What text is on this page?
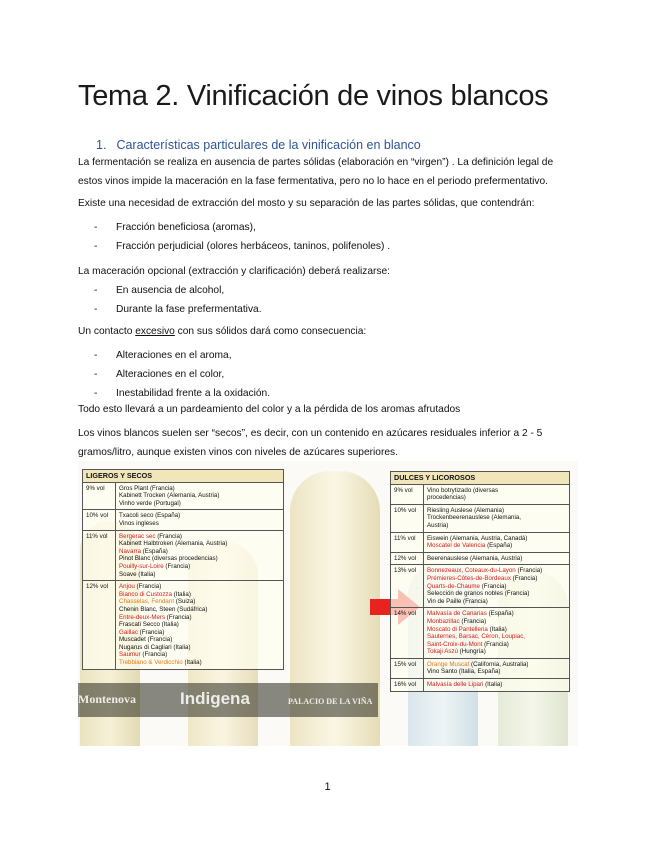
Tema 2. Vinificación de vinos blancos
1. Características particulares de la vinificación en blanco
La fermentación se realiza en ausencia de partes sólidas (elaboración en “virgen”) . La definición legal de
estos vinos impide la maceración en la fase fermentativa, pero no lo hace en el periodo prefermentativo.
Existe una necesidad de extracción del mosto y su separación de las partes sólidas, que contendrán:
- Fracción beneficiosa (aromas),
- Fracción perjudicial (olores herbáceos, taninos, polifenoles) .
La maceración opcional (extracción y clarificación) deberá realizarse:
- En ausencia de alcohol,
- Durante la fase prefermentativa.
Un contacto excesivo con sus sólidos dará como consecuencia:
- Alteraciones en el aroma,
- Alteraciones en el color,
- Inestabilidad frente a la oxidación.
Todo esto llevará a un pardeamiento del color y a la pérdida de los aromas afrutados
Los vinos blancos suelen ser “secos”, es decir, con un contenido en azúcares residuales inferior a 2 - 5
gramos/litro, aunque existen vinos con niveles de azúcares superiores.
Montenova	Indigena	PALACIO DE LA VIÑA
LIGEROS Y SECOS
9% vol	Gros Plant (Francia)
Kabinett Trocken (Alemania, Austria)
Vinho verde (Portugal)
10% vol	Txacoli seco (España)
Vinos ingleses
11% vol	Bergerac sec (Francia)
Kabinett Halbtroken (Alemania, Austria)
Navarra (España)
Pinot Blanc (diversas procedencias)
Pouilly-sur-Loire (Francia)
Soave (Italia)
12% vol	Anjou (Francia)
Bianco di Custozza (Italia)
Chasselas, Fendant (Suiza)
Chenin Blanc, Steen (Sudáfrica)
Entre-deux-Mers (Francia)
Frascati Secco (Italia)
Gaillac (Francia)
Muscadet (Francia)
Nugarus di Cagliari (Italia)
Saumur (Francia)
Trebbiano & Verdicchio (Italia)
DULCES Y LICOROSOS
9% vol	Vino botrytizado (diversas
procedencias)
10% vol	Riesling Auslese (Alemania)
Trockenbeerenauslese (Alemania,
Austria)
11% vol	Eiswein (Alemania, Austria, Canadá)
Moscatel de Valencia (España)
12% vol	Beerenauslese (Alemania, Austria)
13% vol	Bonnezeaux, Coteaux-du-Layon (Francia)
Prémieres-Côtes-de-Bordeaux (Francia)
Quarts-de-Chaume (Francia)
Selección de granos nobles (Francia)
Vin de Paille (Francia)
14% vol	Malvasía de Canarias (España)
Monbazillac (Francia)
Moscato di Pantelleria (Italia)
Sauternes, Barsac, Céron, Loupiac,
Saint-Croix-du-Mont (Francia)
Tokaji Aszú (Hungría)
15% vol	Orange Muscat (California, Australia)
Vino Santo (Italia, España)
16% vol	Malvasía delle Lipari (Italia)
1
